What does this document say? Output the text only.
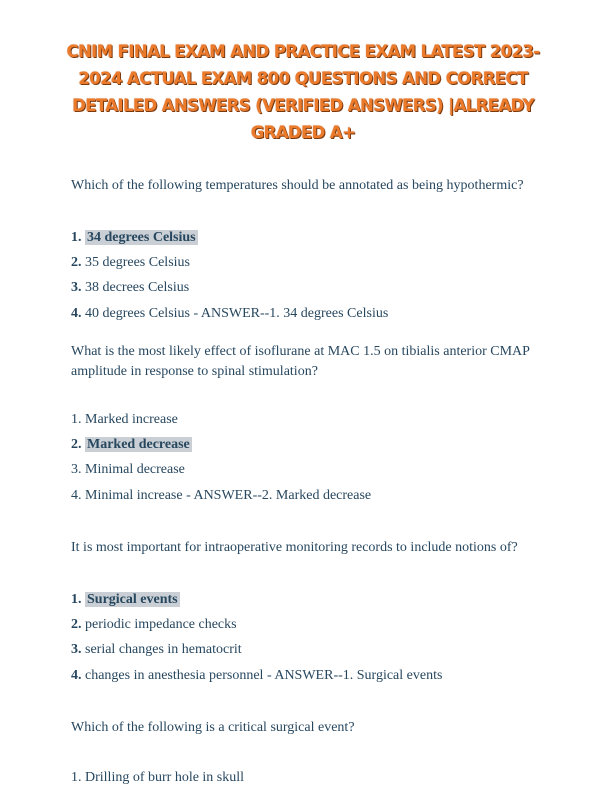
CNIM FINAL EXAM AND PRACTICE EXAM LATEST 2023-
2024 ACTUAL EXAM 800 QUESTIONS AND CORRECT
DETAILED ANSWERS (VERIFIED ANSWERS) |ALREADY
GRADED A+

Which of the following temperatures should be annotated as being hypothermic?

1. 34 degrees Celsius

2. 35 degrees Celsius

3. 38 decrees Celsius

4. 40 degrees Celsius - ANSWER--1. 34 degrees Celsius

What is the most likely effect of isoflurane at MAC 1.5 on tibialis anterior CMAP amplitude in response to spinal stimulation?

1. Marked increase

2. Marked decrease

3. Minimal decrease

4. Minimal increase - ANSWER--2. Marked decrease

It is most important for intraoperative monitoring records to include notions of?

1. Surgical events

2. periodic impedance checks

3. serial changes in hematocrit

4. changes in anesthesia personnel - ANSWER--1. Surgical events

Which of the following is a critical surgical event?

1. Drilling of burr hole in skull
